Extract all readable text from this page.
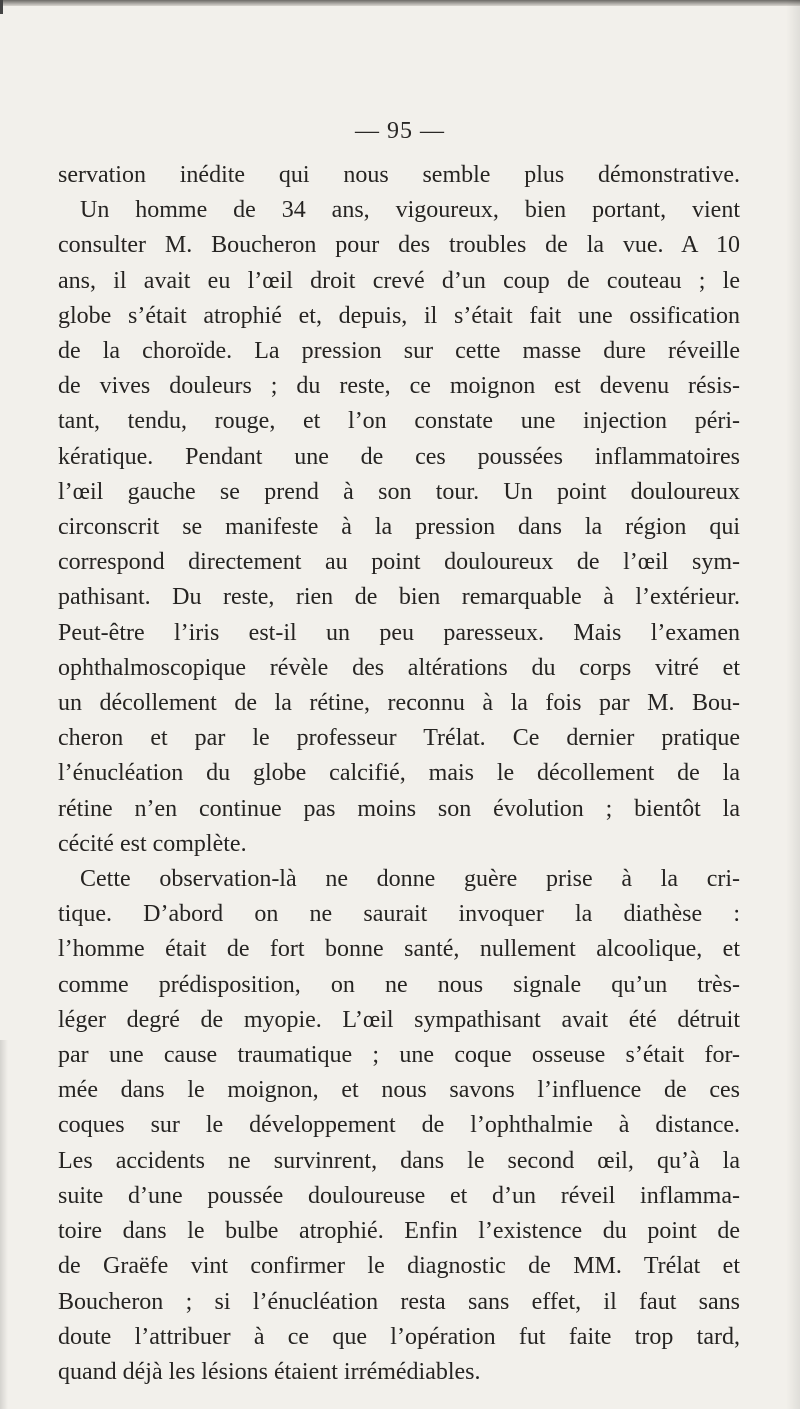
— 95 —
servation inédite qui nous semble plus démonstrative.
Un homme de 34 ans, vigoureux, bien portant, vient
consulter M. Boucheron pour des troubles de la vue. A 10
ans, il avait eu l’œil droit crevé d’un coup de couteau ; le
globe s’était atrophié et, depuis, il s’était fait une ossification
de la choroïde. La pression sur cette masse dure réveille
de vives douleurs ; du reste, ce moignon est devenu résis-
tant, tendu, rouge, et l’on constate une injection péri-
kératique. Pendant une de ces poussées inflammatoires
l’œil gauche se prend à son tour. Un point douloureux
circonscrit se manifeste à la pression dans la région qui
correspond directement au point douloureux de l’œil sym-
pathisant. Du reste, rien de bien remarquable à l’extérieur.
Peut-être l’iris est-il un peu paresseux. Mais l’examen
ophthalmoscopique révèle des altérations du corps vitré et
un décollement de la rétine, reconnu à la fois par M. Bou-
cheron et par le professeur Trélat. Ce dernier pratique
l’énucléation du globe calcifié, mais le décollement de la
rétine n’en continue pas moins son évolution ; bientôt la
cécité est complète.
Cette observation-là ne donne guère prise à la cri-
tique. D’abord on ne saurait invoquer la diathèse :
l’homme était de fort bonne santé, nullement alcoolique, et
comme prédisposition, on ne nous signale qu’un très-
léger degré de myopie. L’œil sympathisant avait été détruit
par une cause traumatique ; une coque osseuse s’était for-
mée dans le moignon, et nous savons l’influence de ces
coques sur le développement de l’ophthalmie à distance.
Les accidents ne survinrent, dans le second œil, qu’à la
suite d’une poussée douloureuse et d’un réveil inflamma-
toire dans le bulbe atrophié. Enfin l’existence du point de
de Graëfe vint confirmer le diagnostic de MM. Trélat et
Boucheron ; si l’énucléation resta sans effet, il faut sans
doute l’attribuer à ce que l’opération fut faite trop tard,
quand déjà les lésions étaient irrémédiables.
